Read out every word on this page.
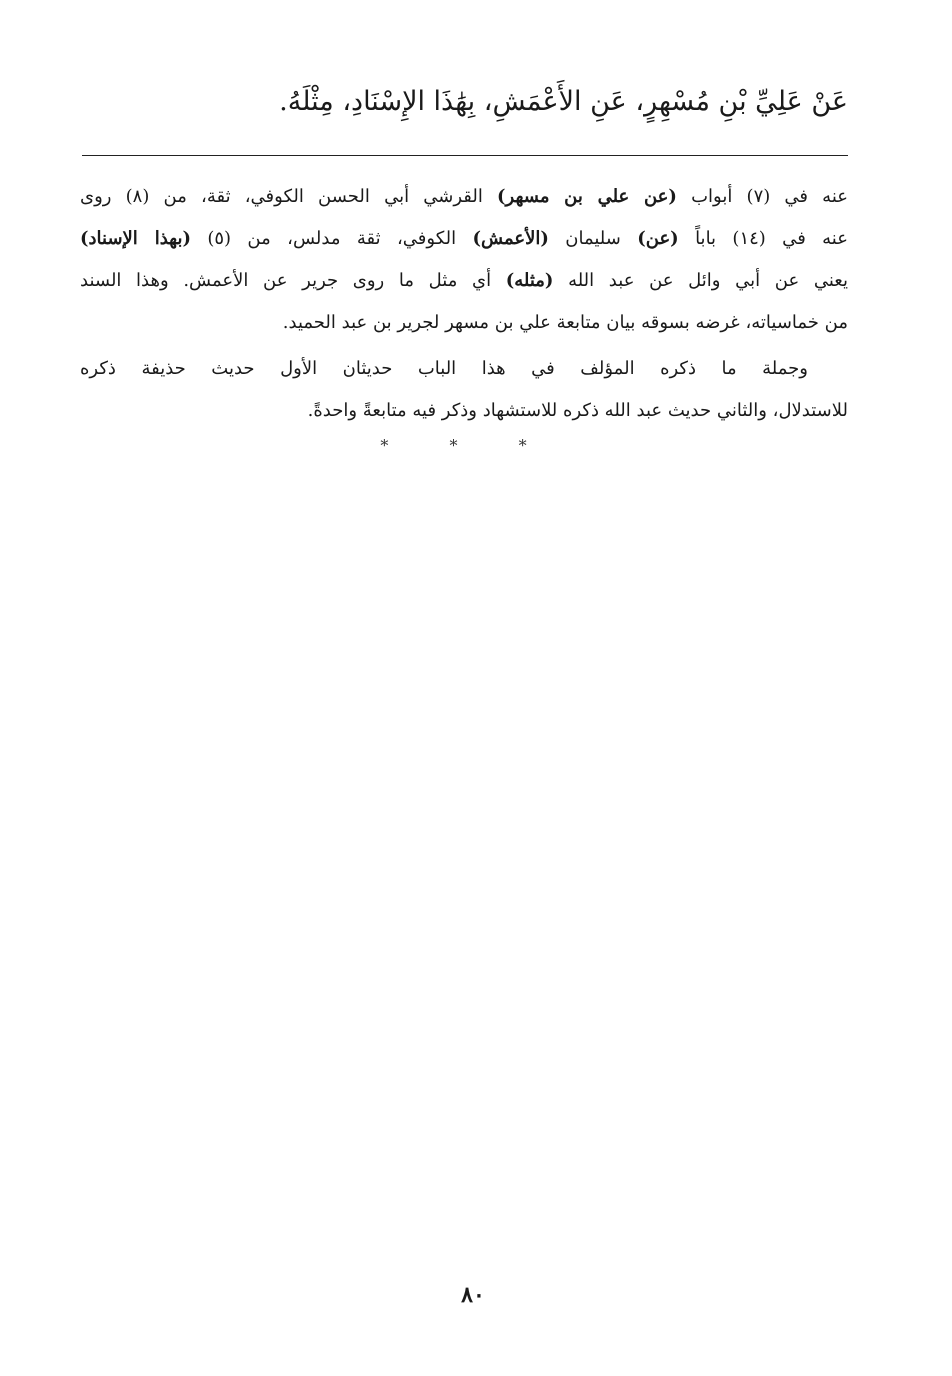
عَنْ عَلِيِّ بْنِ مُسْهِرٍ، عَنِ الأَعْمَشِ، بِهَٰذَا الإِسْنَادِ، مِثْلَهُ.
عنه في (٧) أبواب (عن علي بن مسهر) القرشي أبي الحسن الكوفي، ثقة، من (٨) روى
عنه في (١٤) باباً (عن) سليمان (الأعمش) الكوفي، ثقة مدلس، من (٥) (بهذا الإسناد)
يعني عن أبي وائل عن عبد الله (مثله) أي مثل ما روى جرير عن الأعمش. وهذا السند
من خماسياته، غرضه بسوقه بيان متابعة علي بن مسهر لجرير بن عبد الحميد.
وجملة ما ذكره المؤلف في هذا الباب حديثان الأول حديث حذيفة ذكره
للاستدلال، والثاني حديث عبد الله ذكره للاستشهاد وذكر فيه متابعةً واحدةً.
* * *
٨٠
